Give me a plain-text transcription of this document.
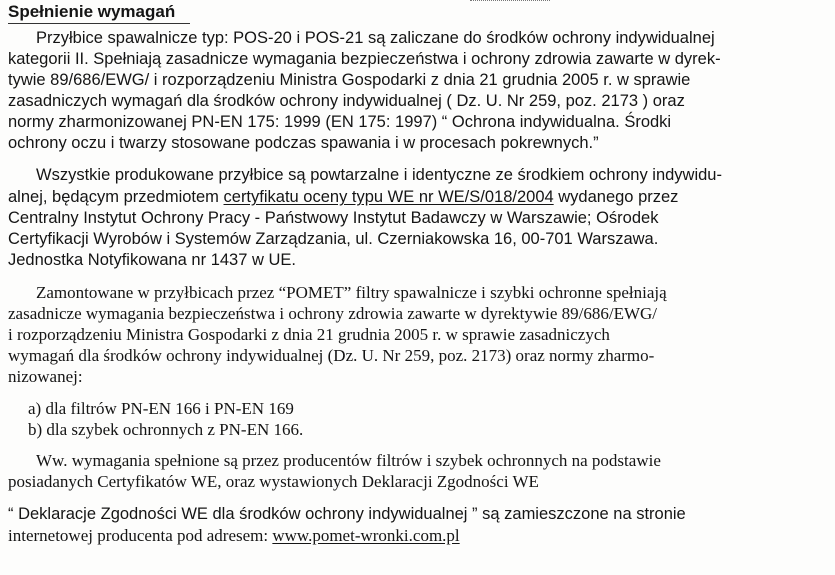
Spełnienie wymagań

Przyłbice spawalnicze typ: POS-20 i POS-21 są zaliczane do środków ochrony indywidualnej

kategorii II. Spełniają zasadnicze wymagania bezpieczeństwa i ochrony zdrowia zawarte w dyrek-

tywie 89/686/EWG/ i rozporządzeniu Ministra Gospodarki z dnia 21 grudnia 2005 r. w sprawie

zasadniczych wymagań dla środków ochrony indywidualnej ( Dz. U. Nr 259, poz. 2173 ) oraz

normy zharmonizowanej PN-EN 175: 1999 (EN 175: 1997) “ Ochrona indywidualna. Środki

ochrony oczu i twarzy stosowane podczas spawania i w procesach pokrewnych.”

Wszystkie produkowane przyłbice są powtarzalne i identyczne ze środkiem ochrony indywidu-

alnej, będącym przedmiotem certyfikatu oceny typu WE nr WE/S/018/2004 wydanego przez

Centralny Instytut Ochrony Pracy - Państwowy Instytut Badawczy w Warszawie; Ośrodek

Certyfikacji Wyrobów i Systemów Zarządzania, ul. Czerniakowska 16, 00-701 Warszawa.

Jednostka Notyfikowana nr 1437 w UE.

Zamontowane w przyłbicach przez “POMET” filtry spawalnicze i szybki ochronne spełniają

zasadnicze wymagania bezpieczeństwa i ochrony zdrowia zawarte w dyrektywie 89/686/EWG/

i rozporządzeniu Ministra Gospodarki z dnia 21 grudnia 2005 r. w sprawie zasadniczych

wymagań dla środków ochrony indywidualnej (Dz. U. Nr 259, poz. 2173) oraz normy zharmo-

nizowanej:

a) dla filtrów PN-EN 166 i PN-EN 169

b) dla szybek ochronnych z PN-EN 166.

Ww. wymagania spełnione są przez producentów filtrów i szybek ochronnych na podstawie

posiadanych Certyfikatów WE, oraz wystawionych Deklaracji Zgodności WE

“ Deklaracje Zgodności WE dla środków ochrony indywidualnej ” są zamieszczone na stronie

internetowej producenta pod adresem: www.pomet-wronki.com.pl
